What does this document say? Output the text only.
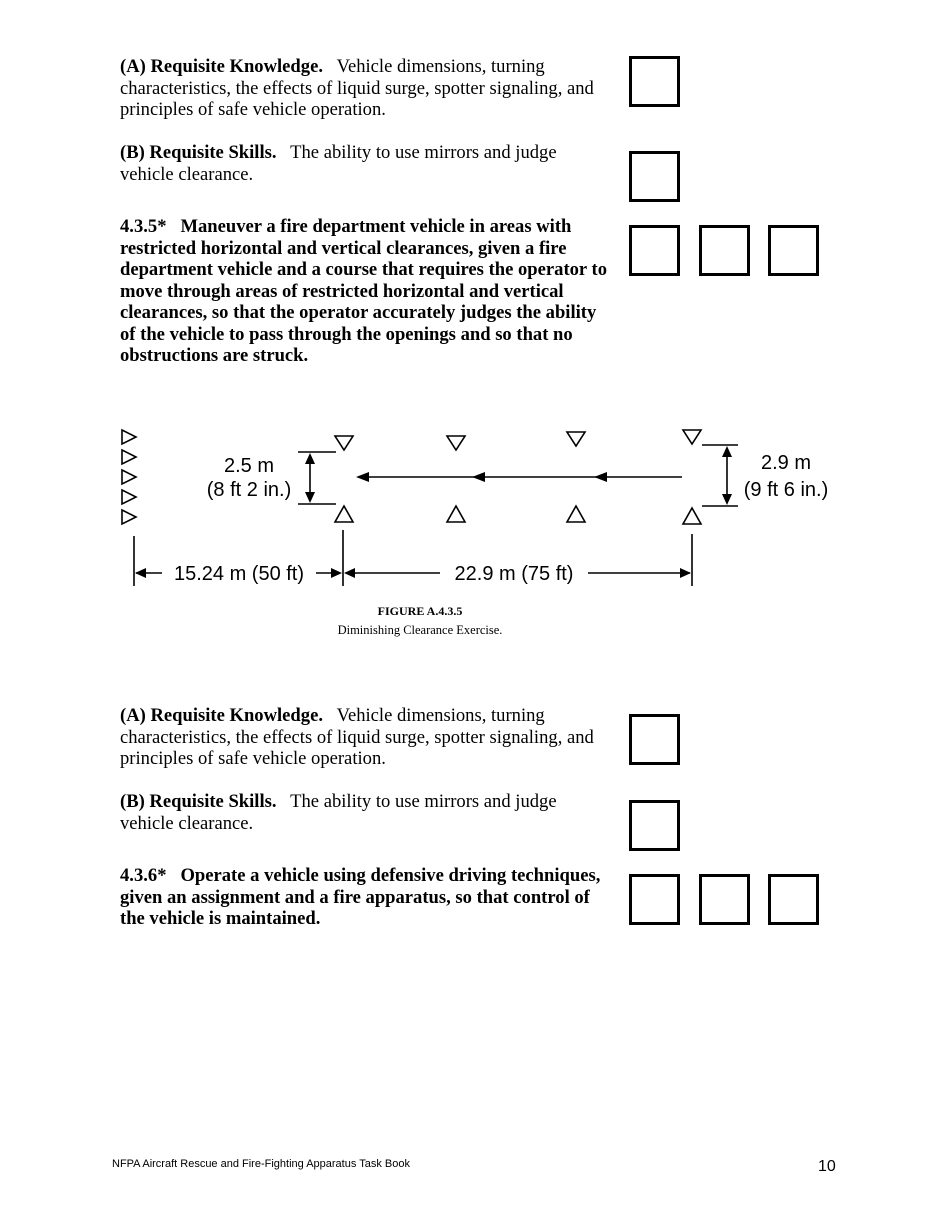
(A) Requisite Knowledge. Vehicle dimensions, turning characteristics, the effects of liquid surge, spotter signaling, and principles of safe vehicle operation.

(B) Requisite Skills. The ability to use mirrors and judge vehicle clearance.

4.3.5* Maneuver a fire department vehicle in areas with restricted horizontal and vertical clearances, given a fire department vehicle and a course that requires the operator to move through areas of restricted horizontal and vertical clearances, so that the operator accurately judges the ability of the vehicle to pass through the openings and so that no obstructions are struck.

2.5 m
(8 ft 2 in.)
2.9 m
(9 ft 6 in.)
15.24 m (50 ft)	22.9 m (75 ft)
FIGURE A.4.3.5
Diminishing Clearance Exercise.

(A) Requisite Knowledge. Vehicle dimensions, turning characteristics, the effects of liquid surge, spotter signaling, and principles of safe vehicle operation.

(B) Requisite Skills. The ability to use mirrors and judge vehicle clearance.

4.3.6* Operate a vehicle using defensive driving techniques, given an assignment and a fire apparatus, so that control of the vehicle is maintained.

NFPA Aircraft Rescue and Fire-Fighting Apparatus Task Book	10
